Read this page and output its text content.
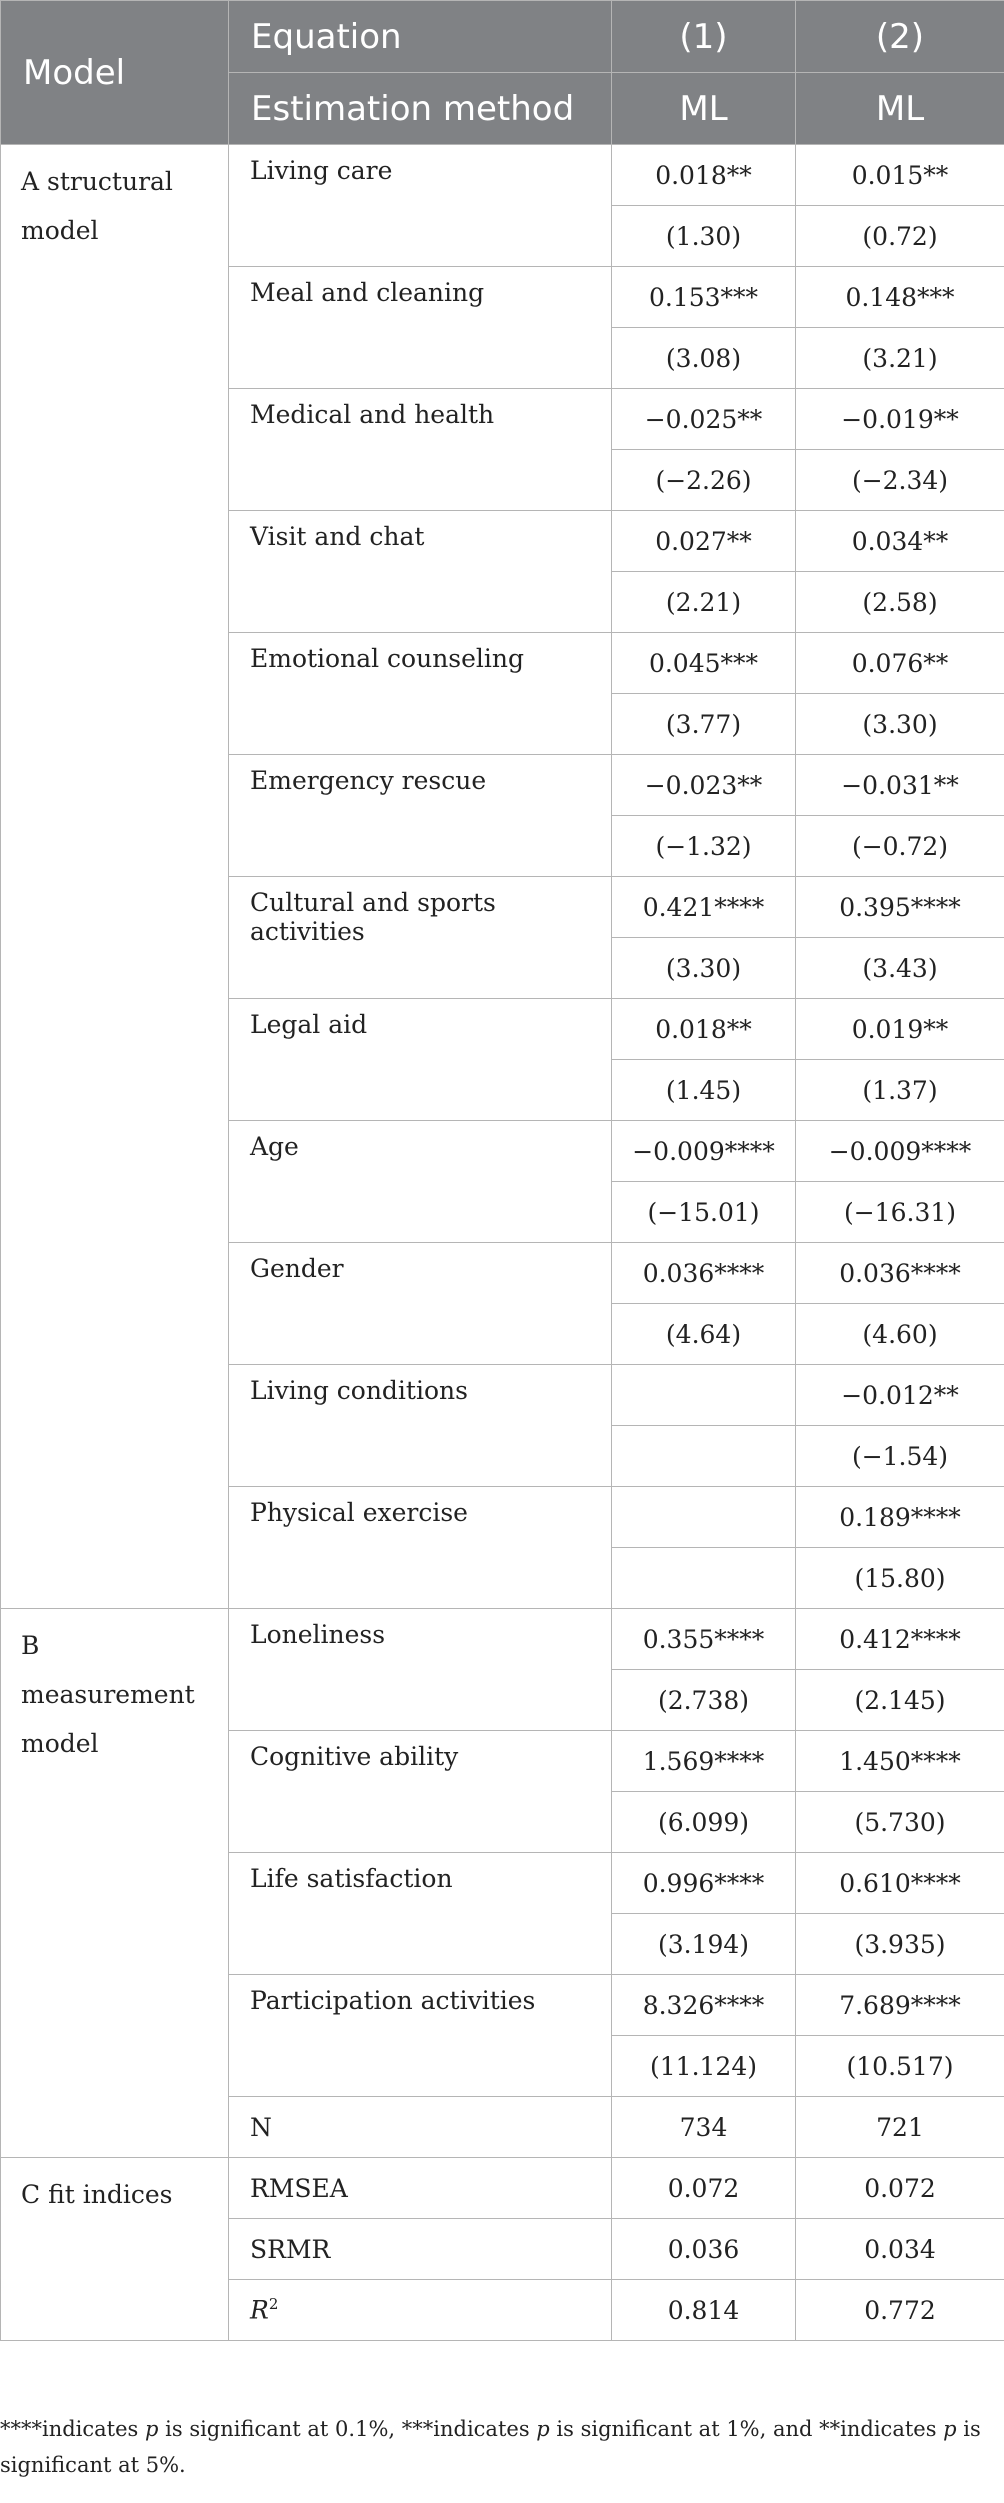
Model	Equation	(1)	(2)
	Estimation method	ML	ML
A structural model	Living care	0.018**	0.015**
		(1.30)	(0.72)
	Meal and cleaning	0.153***	0.148***
		(3.08)	(3.21)
	Medical and health	−0.025**	−0.019**
		(−2.26)	(−2.34)
	Visit and chat	0.027**	0.034**
		(2.21)	(2.58)
	Emotional counseling	0.045***	0.076**
		(3.77)	(3.30)
	Emergency rescue	−0.023**	−0.031**
		(−1.32)	(−0.72)
	Cultural and sports activities	0.421****	0.395****
		(3.30)	(3.43)
	Legal aid	0.018**	0.019**
		(1.45)	(1.37)
	Age	−0.009****	−0.009****
		(−15.01)	(−16.31)
	Gender	0.036****	0.036****
		(4.64)	(4.60)
	Living conditions		−0.012**
			(−1.54)
	Physical exercise		0.189****
			(15.80)
B measurement model	Loneliness	0.355****	0.412****
		(2.738)	(2.145)
	Cognitive ability	1.569****	1.450****
		(6.099)	(5.730)
	Life satisfaction	0.996****	0.610****
		(3.194)	(3.935)
	Participation activities	8.326****	7.689****
		(11.124)	(10.517)
	N	734	721
C fit indices	RMSEA	0.072	0.072
	SRMR	0.036	0.034
	$R^2$	0.814	0.772
****indicates p is significant at 0.1%, ***indicates p is significant at 1%, and **indicates p is significant at 5%.
